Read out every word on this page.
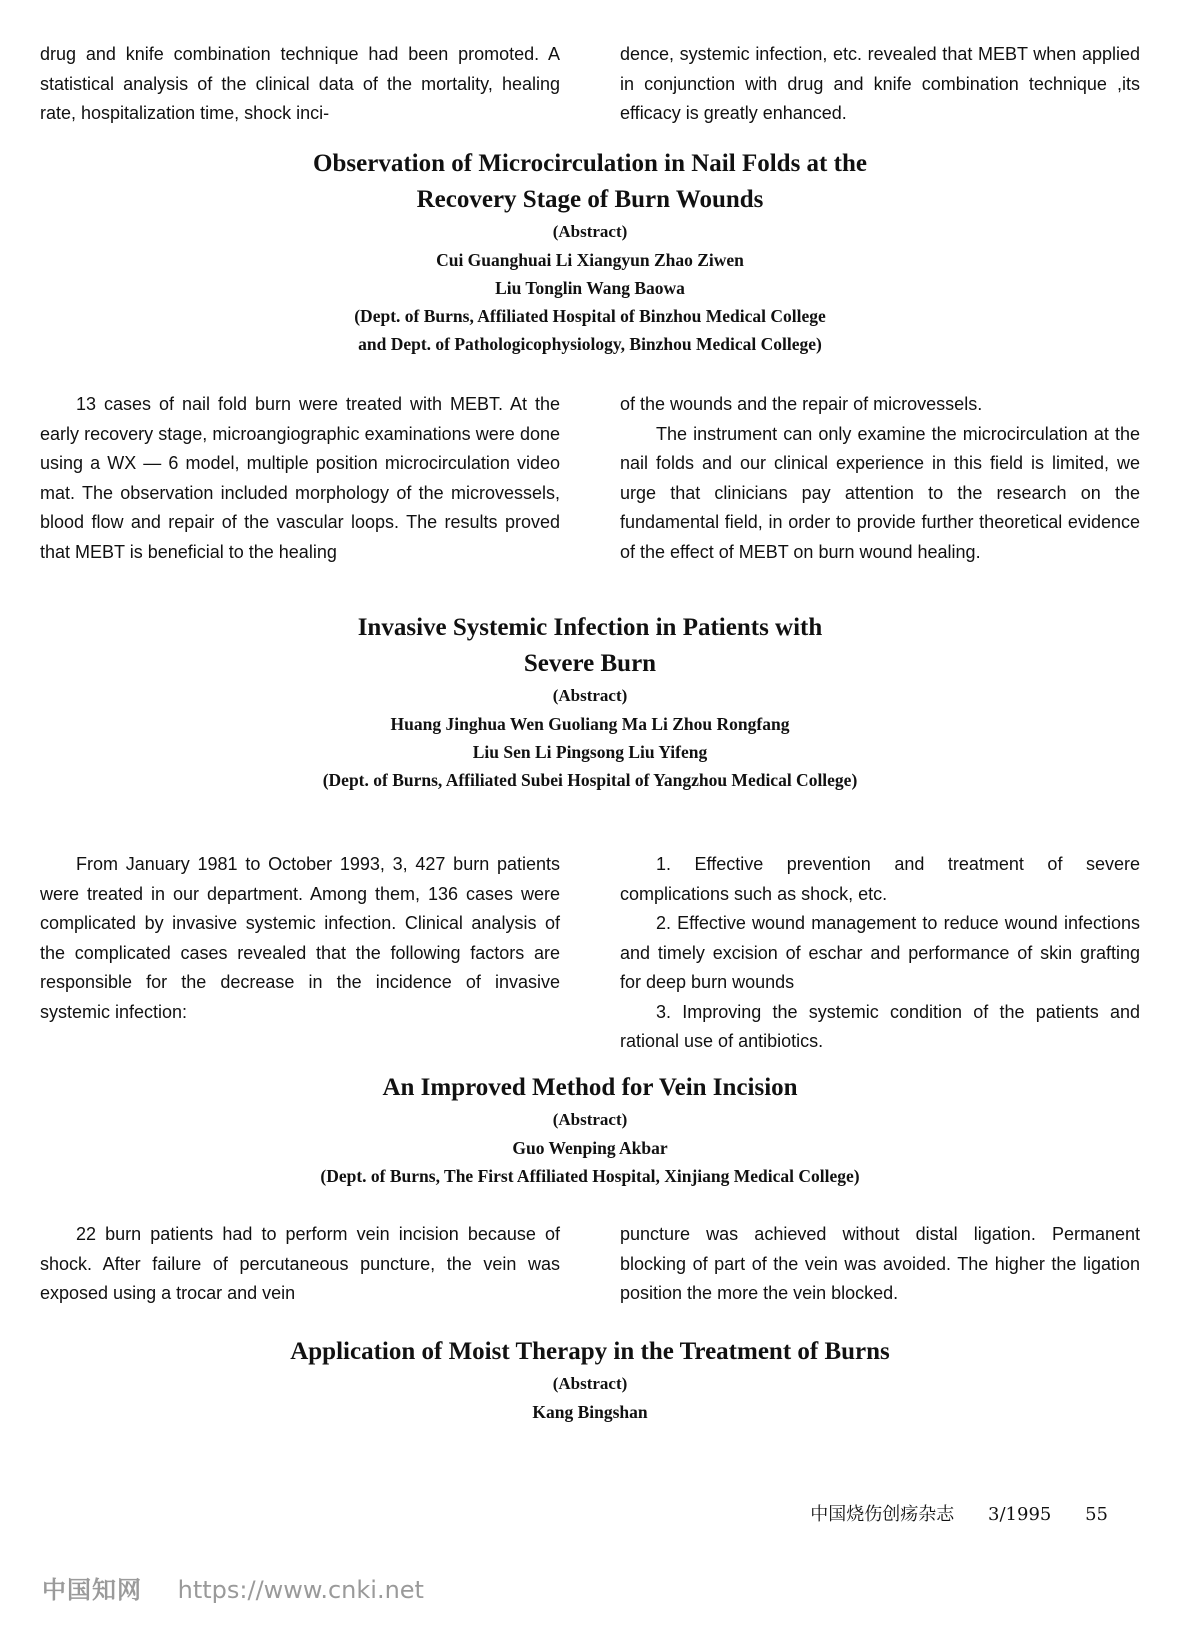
drug and knife combination technique had been promoted. A statistical analysis of the clinical data of the mortality, healing rate, hospitalization time, shock inci-

dence, systemic infection, etc. revealed that MEBT when applied in conjunction with drug and knife combination technique ,its efficacy is greatly enhanced.

Observation of Microcirculation in Nail Folds at the
Recovery Stage of Burn Wounds
(Abstract)
Cui Guanghuai Li Xiangyun Zhao Ziwen
Liu Tonglin Wang Baowa
(Dept. of Burns, Affiliated Hospital of Binzhou Medical College
and Dept. of Pathologicophysiology, Binzhou Medical College)

13 cases of nail fold burn were treated with MEBT. At the early recovery stage, microangiographic examinations were done using a WX — 6 model, multiple position microcirculation video mat. The observation included morphology of the microvessels, blood flow and repair of the vascular loops. The results proved that MEBT is beneficial to the healing

of the wounds and the repair of microvessels.

The instrument can only examine the microcirculation at the nail folds and our clinical experience in this field is limited, we urge that clinicians pay attention to the research on the fundamental field, in order to provide further theoretical evidence of the effect of MEBT on burn wound healing.

Invasive Systemic Infection in Patients with
Severe Burn
(Abstract)
Huang Jinghua Wen Guoliang Ma Li Zhou Rongfang
Liu Sen Li Pingsong Liu Yifeng
(Dept. of Burns, Affiliated Subei Hospital of Yangzhou Medical College)

From January 1981 to October 1993, 3, 427 burn patients were treated in our department. Among them, 136 cases were complicated by invasive systemic infection. Clinical analysis of the complicated cases revealed that the following factors are responsible for the decrease in the incidence of invasive systemic infection:

1. Effective prevention and treatment of severe complications such as shock, etc.

2. Effective wound management to reduce wound infections and timely excision of eschar and performance of skin grafting for deep burn wounds

3. Improving the systemic condition of the patients and rational use of antibiotics.

An Improved Method for Vein Incision
(Abstract)
Guo Wenping Akbar
(Dept. of Burns, The First Affiliated Hospital, Xinjiang Medical College)

22 burn patients had to perform vein incision because of shock. After failure of percutaneous puncture, the vein was exposed using a trocar and vein

puncture was achieved without distal ligation. Permanent blocking of part of the vein was avoided. The higher the ligation position the more the vein blocked.

Application of Moist Therapy in the Treatment of Burns
(Abstract)
Kang Bingshan
中国烧伤创疡杂志 3/1995 55
中国知网 https://www.cnki.net
